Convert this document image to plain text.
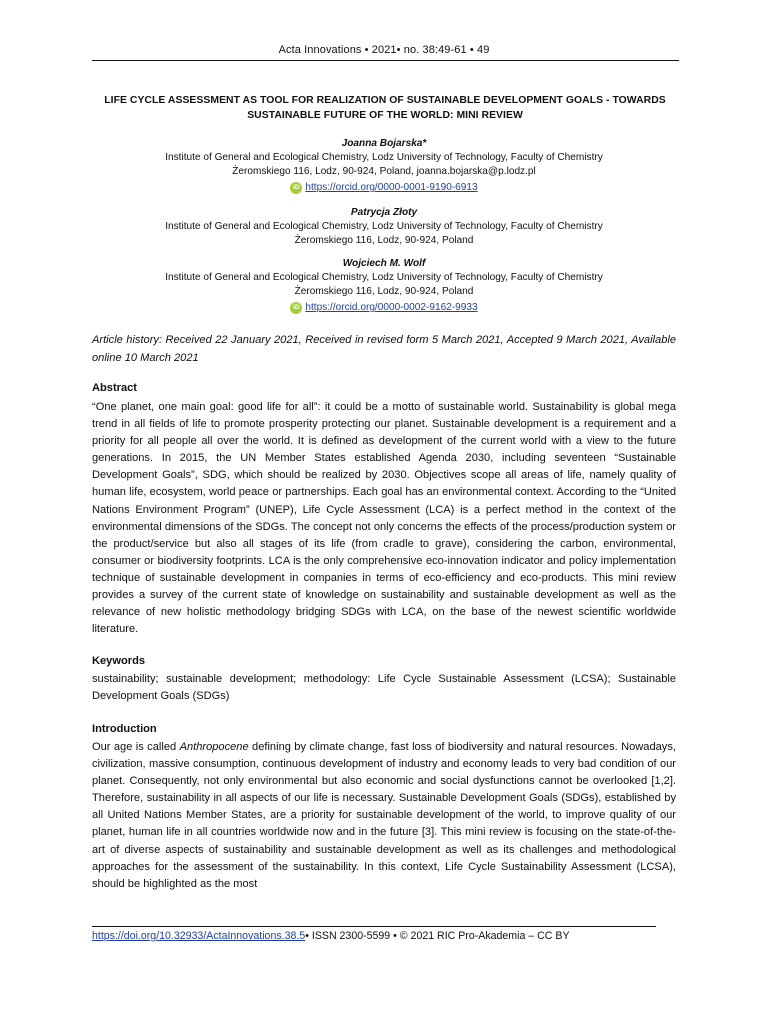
Acta Innovations • 2021• no. 38:49-61 • 49
LIFE CYCLE ASSESSMENT AS TOOL FOR REALIZATION OF SUSTAINABLE DEVELOPMENT GOALS - TOWARDS
SUSTAINABLE FUTURE OF THE WORLD: MINI REVIEW
Joanna Bojarska*
Institute of General and Ecological Chemistry, Lodz University of Technology, Faculty of Chemistry
Żeromskiego 116, Lodz, 90-924, Poland, joanna.bojarska@p.lodz.pl
iD https://orcid.org/0000-0001-9190-6913
Patrycja Złoty
Institute of General and Ecological Chemistry, Lodz University of Technology, Faculty of Chemistry
Żeromskiego 116, Lodz, 90-924, Poland
Wojciech M. Wolf
Institute of General and Ecological Chemistry, Lodz University of Technology, Faculty of Chemistry
Żeromskiego 116, Lodz, 90-924, Poland
iD https://orcid.org/0000-0002-9162-9933
Article history: Received 22 January 2021, Received in revised form 5 March 2021, Accepted 9 March 2021, Available online 10 March 2021
Abstract
“One planet, one main goal: good life for all”: it could be a motto of sustainable world. Sustainability is global mega trend in all fields of life to promote prosperity protecting our planet. Sustainable development is a requirement and a priority for all people all over the world. It is defined as development of the current world with a view to the future generations. In 2015, the UN Member States established Agenda 2030, including seventeen “Sustainable Development Goals”, SDG, which should be realized by 2030. Objectives scope all areas of life, namely quality of human life, ecosystem, world peace or partnerships. Each goal has an environmental context. According to the “United Nations Environment Program” (UNEP), Life Cycle Assessment (LCA) is a perfect method in the context of the environmental dimensions of the SDGs. The concept not only concerns the effects of the process/production system or the product/service but also all stages of its life (from cradle to grave), considering the carbon, environmental, consumer or biodiversity footprints. LCA is the only comprehensive eco-innovation indicator and policy implementation technique of sustainable development in companies in terms of eco-efficiency and eco-products. This mini review provides a survey of the current state of knowledge on sustainability and sustainable development as well as the relevance of new holistic methodology bridging SDGs with LCA, on the base of the newest scientific worldwide literature.
Keywords
sustainability; sustainable development; methodology: Life Cycle Sustainable Assessment (LCSA); Sustainable Development Goals (SDGs)
Introduction
Our age is called Anthropocene defining by climate change, fast loss of biodiversity and natural resources. Nowadays, civilization, massive consumption, continuous development of industry and economy leads to very bad condition of our planet. Consequently, not only environmental but also economic and social dysfunctions cannot be overlooked [1,2]. Therefore, sustainability in all aspects of our life is necessary. Sustainable Development Goals (SDGs), established by all United Nations Member States, are a priority for sustainable development of the world, to improve quality of our planet, human life in all countries worldwide now and in the future [3]. This mini review is focusing on the state-of-the-art of diverse aspects of sustainability and sustainable development as well as its challenges and methodological approaches for the assessment of the sustainability. In this context, Life Cycle Sustainability Assessment (LCSA), should be highlighted as the most
https://doi.org/10.32933/ActaInnovations.38.5• ISSN 2300-5599 • © 2021 RIC Pro-Akademia – CC BY
